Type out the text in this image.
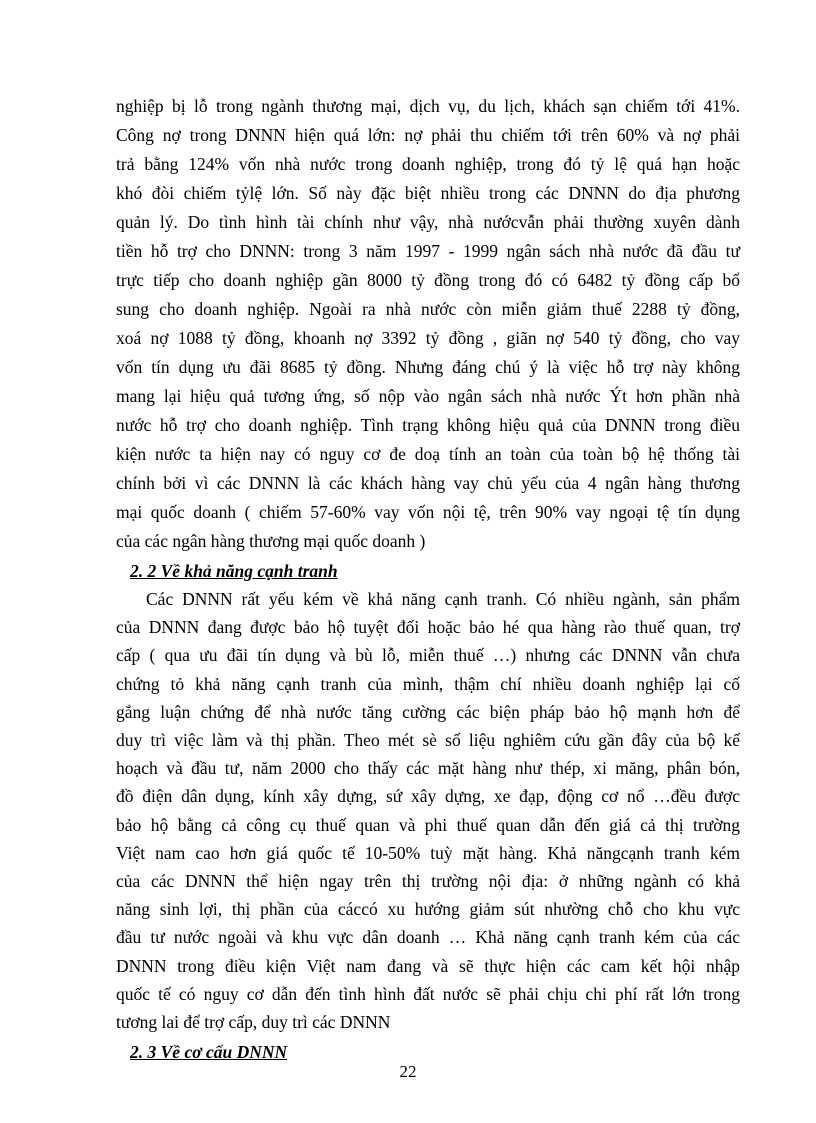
nghiệp bị lỗ trong ngành thương mại, dịch vụ, du lịch, khách sạn chiếm tới 41%.
Công nợ trong DNNN hiện quá lớn: nợ phải thu chiếm tới trên 60% và nợ phải
trả bằng 124% vốn nhà nước trong doanh nghiệp, trong đó tỷ lệ quá hạn hoặc
khó đòi chiếm tỷlệ lớn. Số này đặc biệt nhiều trong các DNNN do địa phương
quản lý. Do tình hình tài chính như vậy, nhà nướcvẫn phải thường xuyên dành
tiền hỗ trợ cho DNNN: trong 3 năm 1997 - 1999 ngân sách nhà nước đã đầu tư
trực tiếp cho doanh nghiệp gần 8000 tỷ đồng trong đó có 6482 tỷ đồng cấp bổ
sung cho doanh nghiệp. Ngoài ra nhà nước còn miễn giảm thuế 2288 tỷ đồng,
xoá nợ 1088 tỷ đồng, khoanh nợ 3392 tỷ đồng , giãn nợ 540 tỷ đồng, cho vay
vốn tín dụng ưu đãi 8685 tỷ đồng. Nhưng đáng chú ý là việc hỗ trợ này không
mang lại hiệu quả tương ứng, số nộp vào ngân sách nhà nước Ýt hơn phần nhà
nước hỗ trợ cho doanh nghiệp. Tình trạng không hiệu quả của DNNN trong điều
kiện nước ta hiện nay có nguy cơ đe doạ tính an toàn của toàn bộ hệ thống tài
chính bởi vì các DNNN là các khách hàng vay chủ yếu của 4 ngân hàng thương
mại quốc doanh ( chiếm 57-60% vay vốn nội tệ, trên 90% vay ngoại tệ tín dụng
của các ngân hàng thương mại quốc doanh )
2. 2 Về khả năng cạnh tranh
Các DNNN rất yếu kém về khả năng cạnh tranh. Có nhiều ngành, sản phẩm
của DNNN đang được bảo hộ tuyệt đối hoặc bảo hé qua hàng rào thuế quan, trợ
cấp ( qua ưu đãi tín dụng và bù lỗ, miễn thuế …) nhưng các DNNN vẫn chưa
chứng tỏ khả năng cạnh tranh của mình, thậm chí nhiều doanh nghiệp lại cố
gắng luận chứng để nhà nước tăng cường các biện pháp bảo hộ mạnh hơn để
duy trì việc làm và thị phần. Theo mét sè số liệu nghiêm cứu gần đây của bộ kế
hoạch và đầu tư, năm 2000 cho thấy các mặt hàng như thép, xi măng, phân bón,
đồ điện dân dụng, kính xây dựng, sứ xây dựng, xe đạp, động cơ nổ …đều được
bảo hộ bằng cả công cụ thuế quan và phi thuế quan dẫn đến giá cả thị trường
Việt nam cao hơn giá quốc tế 10-50% tuỳ mặt hàng. Khả năngcạnh tranh kém
của các DNNN thể hiện ngay trên thị trường nội địa: ở những ngành có khả
năng sinh lợi, thị phần của cáccó xu hướng giảm sút nhường chỗ cho khu vực
đầu tư nước ngoài và khu vực dân doanh … Khả năng cạnh tranh kém của các
DNNN trong điều kiện Việt nam đang và sẽ thực hiện các cam kết hội nhập
quốc tế có nguy cơ dẫn đến tình hình đất nước sẽ phải chịu chi phí rất lớn trong
tương lai để trợ cấp, duy trì các DNNN
22
2. 3 Về cơ cấu DNNN
